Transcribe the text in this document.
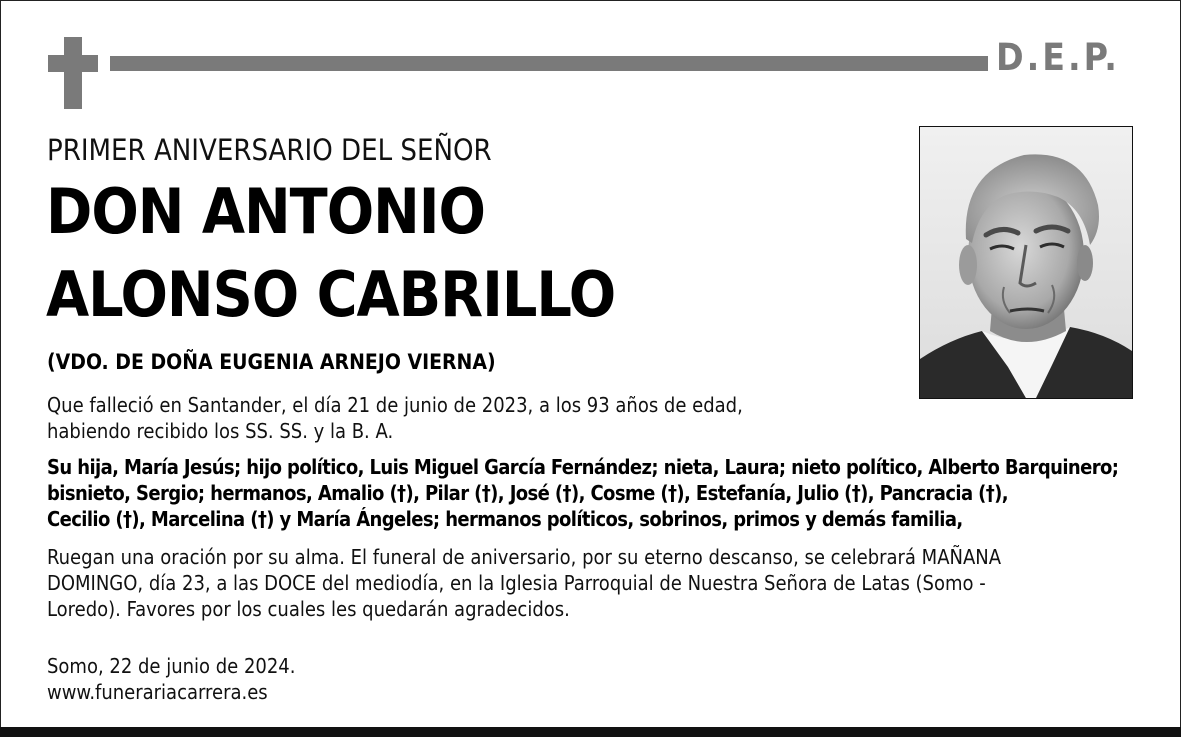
D.E.P.
PRIMER ANIVERSARIO DEL SEÑOR
DON ANTONIO
ALONSO CABRILLO
(VDO. DE DOÑA EUGENIA ARNEJO VIERNA)
Que falleció en Santander, el día 21 de junio de 2023, a los 93 años de edad,
habiendo recibido los SS. SS. y la B. A.
Su hija, María Jesús; hijo político, Luis Miguel García Fernández; nieta, Laura; nieto político, Alberto Barquinero;
bisnieto, Sergio; hermanos, Amalio (†), Pilar (†), José (†), Cosme (†), Estefanía, Julio (†), Pancracia (†),
Cecilio (†), Marcelina (†) y María Ángeles; hermanos políticos, sobrinos, primos y demás familia,
Ruegan una oración por su alma. El funeral de aniversario, por su eterno descanso, se celebrará MAÑANA
DOMINGO, día 23, a las DOCE del mediodía, en la Iglesia Parroquial de Nuestra Señora de Latas (Somo -
Loredo). Favores por los cuales les quedarán agradecidos.
Somo, 22 de junio de 2024.
www.funerariacarrera.es
